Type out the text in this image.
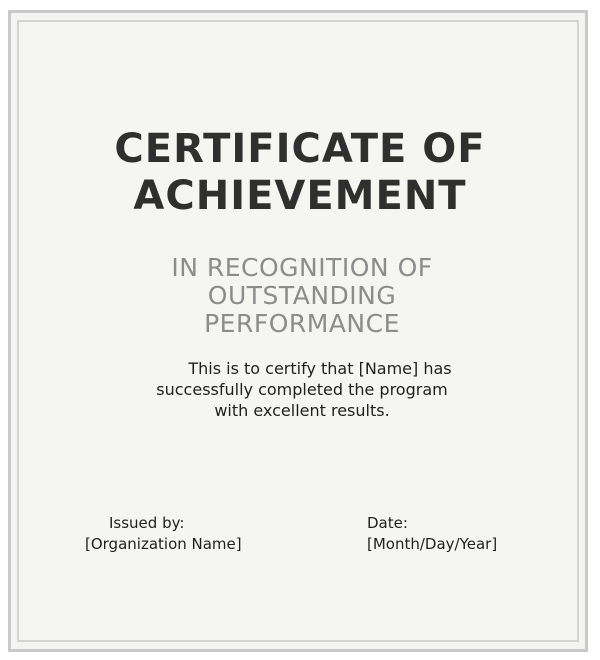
CERTIFICATE OF
ACHIEVEMENT
IN RECOGNITION OF
OUTSTANDING
PERFORMANCE
This is to certify that [Name] has
successfully completed the program
with excellent results.
Issued by:
[Organization Name]
Date:
[Month/Day/Year]
